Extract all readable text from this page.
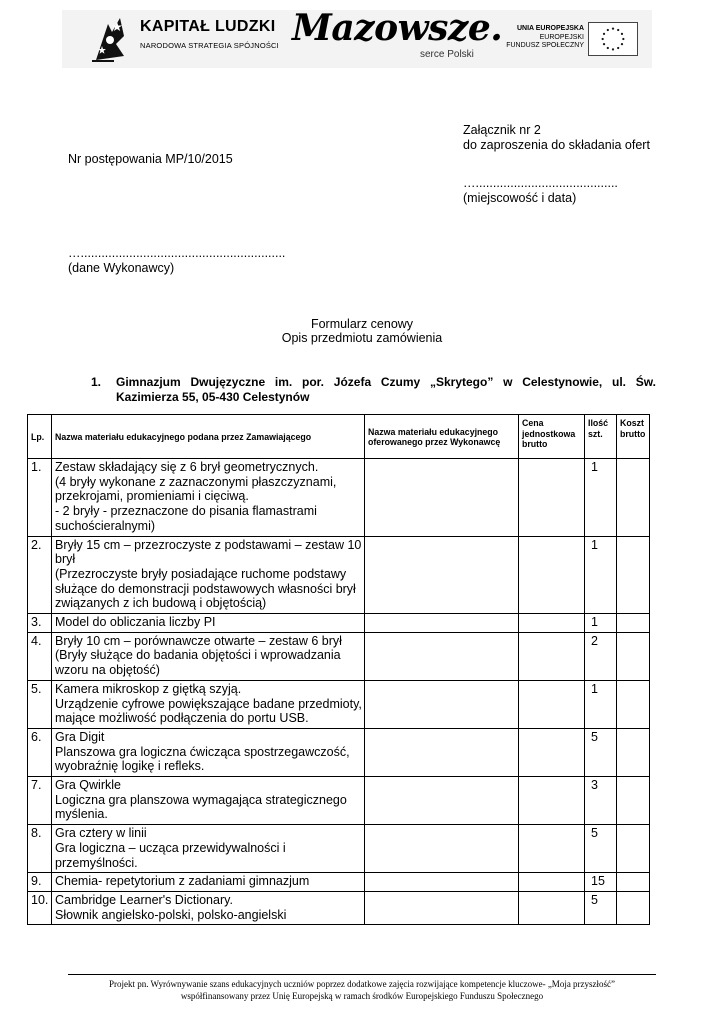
KAPITAŁ LUDZKI
NARODOWA STRATEGIA SPÓJNOŚCI Mazowsze.
serce Polski
UNIA EUROPEJSKA
EUROPEJSKI
FUNDUSZ SPOŁECZNY
Załącznik nr 2
do zaproszenia do składania ofert
Nr postępowania MP/10/2015
….........................................
(miejscowość i data)
…...........................................................
(dane Wykonawcy)
Formularz cenowy
Opis przedmiotu zamówienia
1. Gimnazjum Dwujęzyczne im. por. Józefa Czumy „Skrytego” w Celestynowie, ul. Św.
Kazimierza 55, 05-430 Celestynów
Lp.	Nazwa materiału edukacyjnego podana przez Zamawiającego	Nazwa materiału edukacyjnego oferowanego przez Wykonawcę	Cena jednostkowa brutto	Ilość szt.	Koszt brutto
1.	Zestaw składający się z 6 brył geometrycznych.
(4 bryły wykonane z zaznaczonymi płaszczyznami,
przekrojami, promieniami i cięciwą.
- 2 bryły - przeznaczone do pisania flamastrami
suchościeralnymi)			1	
2.	Bryły 15 cm – przezroczyste z podstawami – zestaw 10
brył
(Przezroczyste bryły posiadające ruchome podstawy
służące do demonstracji podstawowych własności brył
związanych z ich budową i objętością)			1	
3.	Model do obliczania liczby PI			1	
4.	Bryły 10 cm – porównawcze otwarte – zestaw 6 brył
(Bryły służące do badania objętości i wprowadzania
wzoru na objętość)			2	
5.	Kamera mikroskop z giętką szyją.
Urządzenie cyfrowe powiększające badane przedmioty,
mające możliwość podłączenia do portu USB.			1	
6.	Gra Digit
Planszowa gra logiczna ćwicząca spostrzegawczość,
wyobraźnię logikę i refleks.			5	
7.	Gra Qwirkle
Logiczna gra planszowa wymagająca strategicznego
myślenia.			3	
8.	Gra cztery w linii
Gra logiczna – ucząca przewidywalności i
przemyślności.			5	
9.	Chemia- repetytorium z zadaniami gimnazjum			15	
10.	Cambridge Learner's Dictionary.
Słownik angielsko-polski, polsko-angielski			5	
Projekt pn. Wyrównywanie szans edukacyjnych uczniów poprzez dodatkowe zajęcia rozwijające kompetencje kluczowe- „Moja przyszłość”
współfinansowany przez Unię Europejską w ramach środków Europejskiego Funduszu Społecznego
